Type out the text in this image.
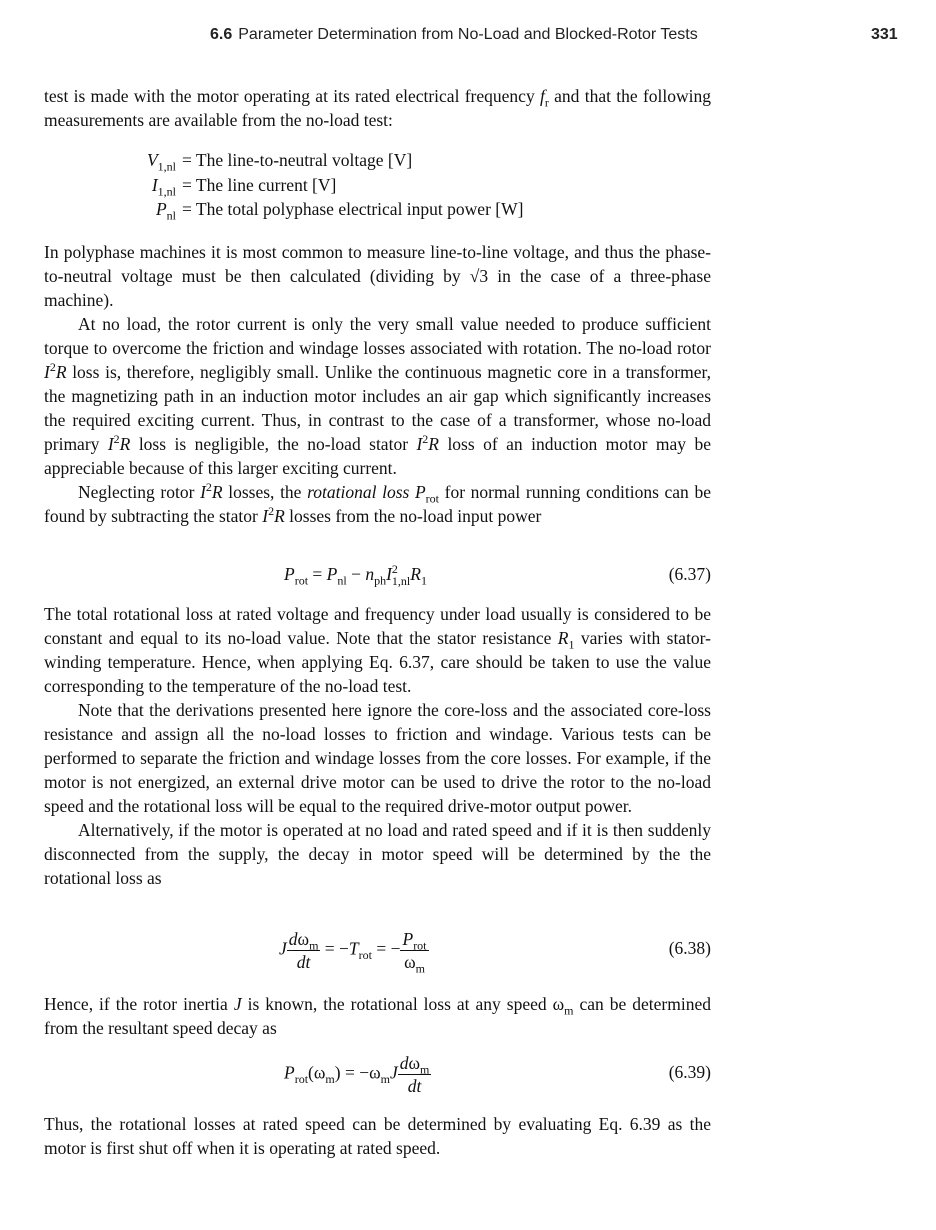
6.6 Parameter Determination from No-Load and Blocked-Rotor Tests	331

test is made with the motor operating at its rated electrical frequency $f_r$ and that the following measurements are available from the no-load test:

$V_{1,nl}$ = The line-to-neutral voltage [V]
$I_{1,nl}$ = The line current [V]
$P_{nl}$ = The total polyphase electrical input power [W]

In polyphase machines it is most common to measure line-to-line voltage, and thus the phase-to-neutral voltage must be then calculated (dividing by √3 in the case of a three-phase machine).

At no load, the rotor current is only the very small value needed to produce sufficient torque to overcome the friction and windage losses associated with rotation. The no-load rotor $I^2R$ loss is, therefore, negligibly small. Unlike the continuous magnetic core in a transformer, the magnetizing path in an induction motor includes an air gap which significantly increases the required exciting current. Thus, in contrast to the case of a transformer, whose no-load primary $I^2R$ loss is negligible, the no-load stator $I^2R$ loss of an induction motor may be appreciable because of this larger exciting current.

Neglecting rotor $I^2R$ losses, the rotational loss $P_{rot}$ for normal running conditions can be found by subtracting the stator $I^2R$ losses from the no-load input power

$P_{rot} = P_{nl} - n_{ph}I^2_{1,nl}R_1$	(6.37)

The total rotational loss at rated voltage and frequency under load usually is considered to be constant and equal to its no-load value. Note that the stator resistance $R_1$ varies with stator-winding temperature. Hence, when applying Eq. 6.37, care should be taken to use the value corresponding to the temperature of the no-load test.

Note that the derivations presented here ignore the core-loss and the associated core-loss resistance and assign all the no-load losses to friction and windage. Various tests can be performed to separate the friction and windage losses from the core losses. For example, if the motor is not energized, an external drive motor can be used to drive the rotor to the no-load speed and the rotational loss will be equal to the required drive-motor output power.

Alternatively, if the motor is operated at no load and rated speed and if it is then suddenly disconnected from the supply, the decay in motor speed will be determined by the the rotational loss as

J $\frac{d\omega_m}{dt} = -T_{rot}$ = − $\frac{P_{rot}}{\omega_m}$	(6.38)

Hence, if the rotor inertia J is known, the rotational loss at any speed $\omega_m$ can be determined from the resultant speed decay as

$P_{rot}(\omega_m) = -\omega_mJ \frac{d\omega_m}{dt}$	(6.39)

Thus, the rotational losses at rated speed can be determined by evaluating Eq. 6.39 as the motor is first shut off when it is operating at rated speed.
